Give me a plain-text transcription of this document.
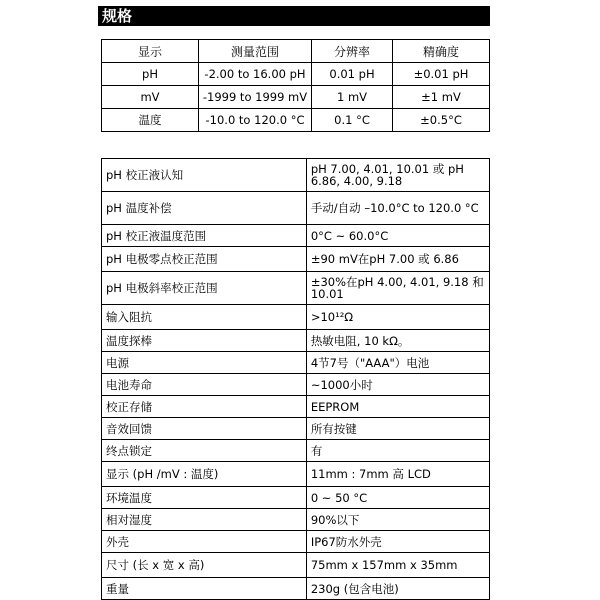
规格
显示	测量范围	分辨率	精确度
pH	-2.00 to 16.00 pH	0.01 pH	±0.01 pH
mV	-1999 to 1999 mV	1 mV	±1 mV
温度	-10.0 to 120.0 °C	0.1 °C	±0.5°C
pH 校正液认知	pH 7.00, 4.01, 10.01 或 pH 6.86, 4.00, 9.18
pH 温度补偿	手动/自动 –10.0°C to 120.0 °C
pH 校正液温度范围	0°C ~ 60.0°C
pH 电极零点校正范围	±90 mV在pH 7.00 或 6.86
pH 电极斜率校正范围	±30%在pH 4.00, 4.01, 9.18 和10.01
输入阻抗	>10¹²Ω
温度探棒	热敏电阻, 10 kΩ。
电源	4节7号（"AAA"）电池
电池寿命	~1000小时
校正存储	EEPROM
音效回馈	所有按键
终点锁定	有
显示 (pH /mV : 温度)	11mm : 7mm 高 LCD
环境温度	0 ~ 50 °C
相对湿度	90%以下
外壳	IP67防水外壳
尺寸 (长 x 宽 x 高)	75mm x 157mm x 35mm
重量	230g (包含电池)
